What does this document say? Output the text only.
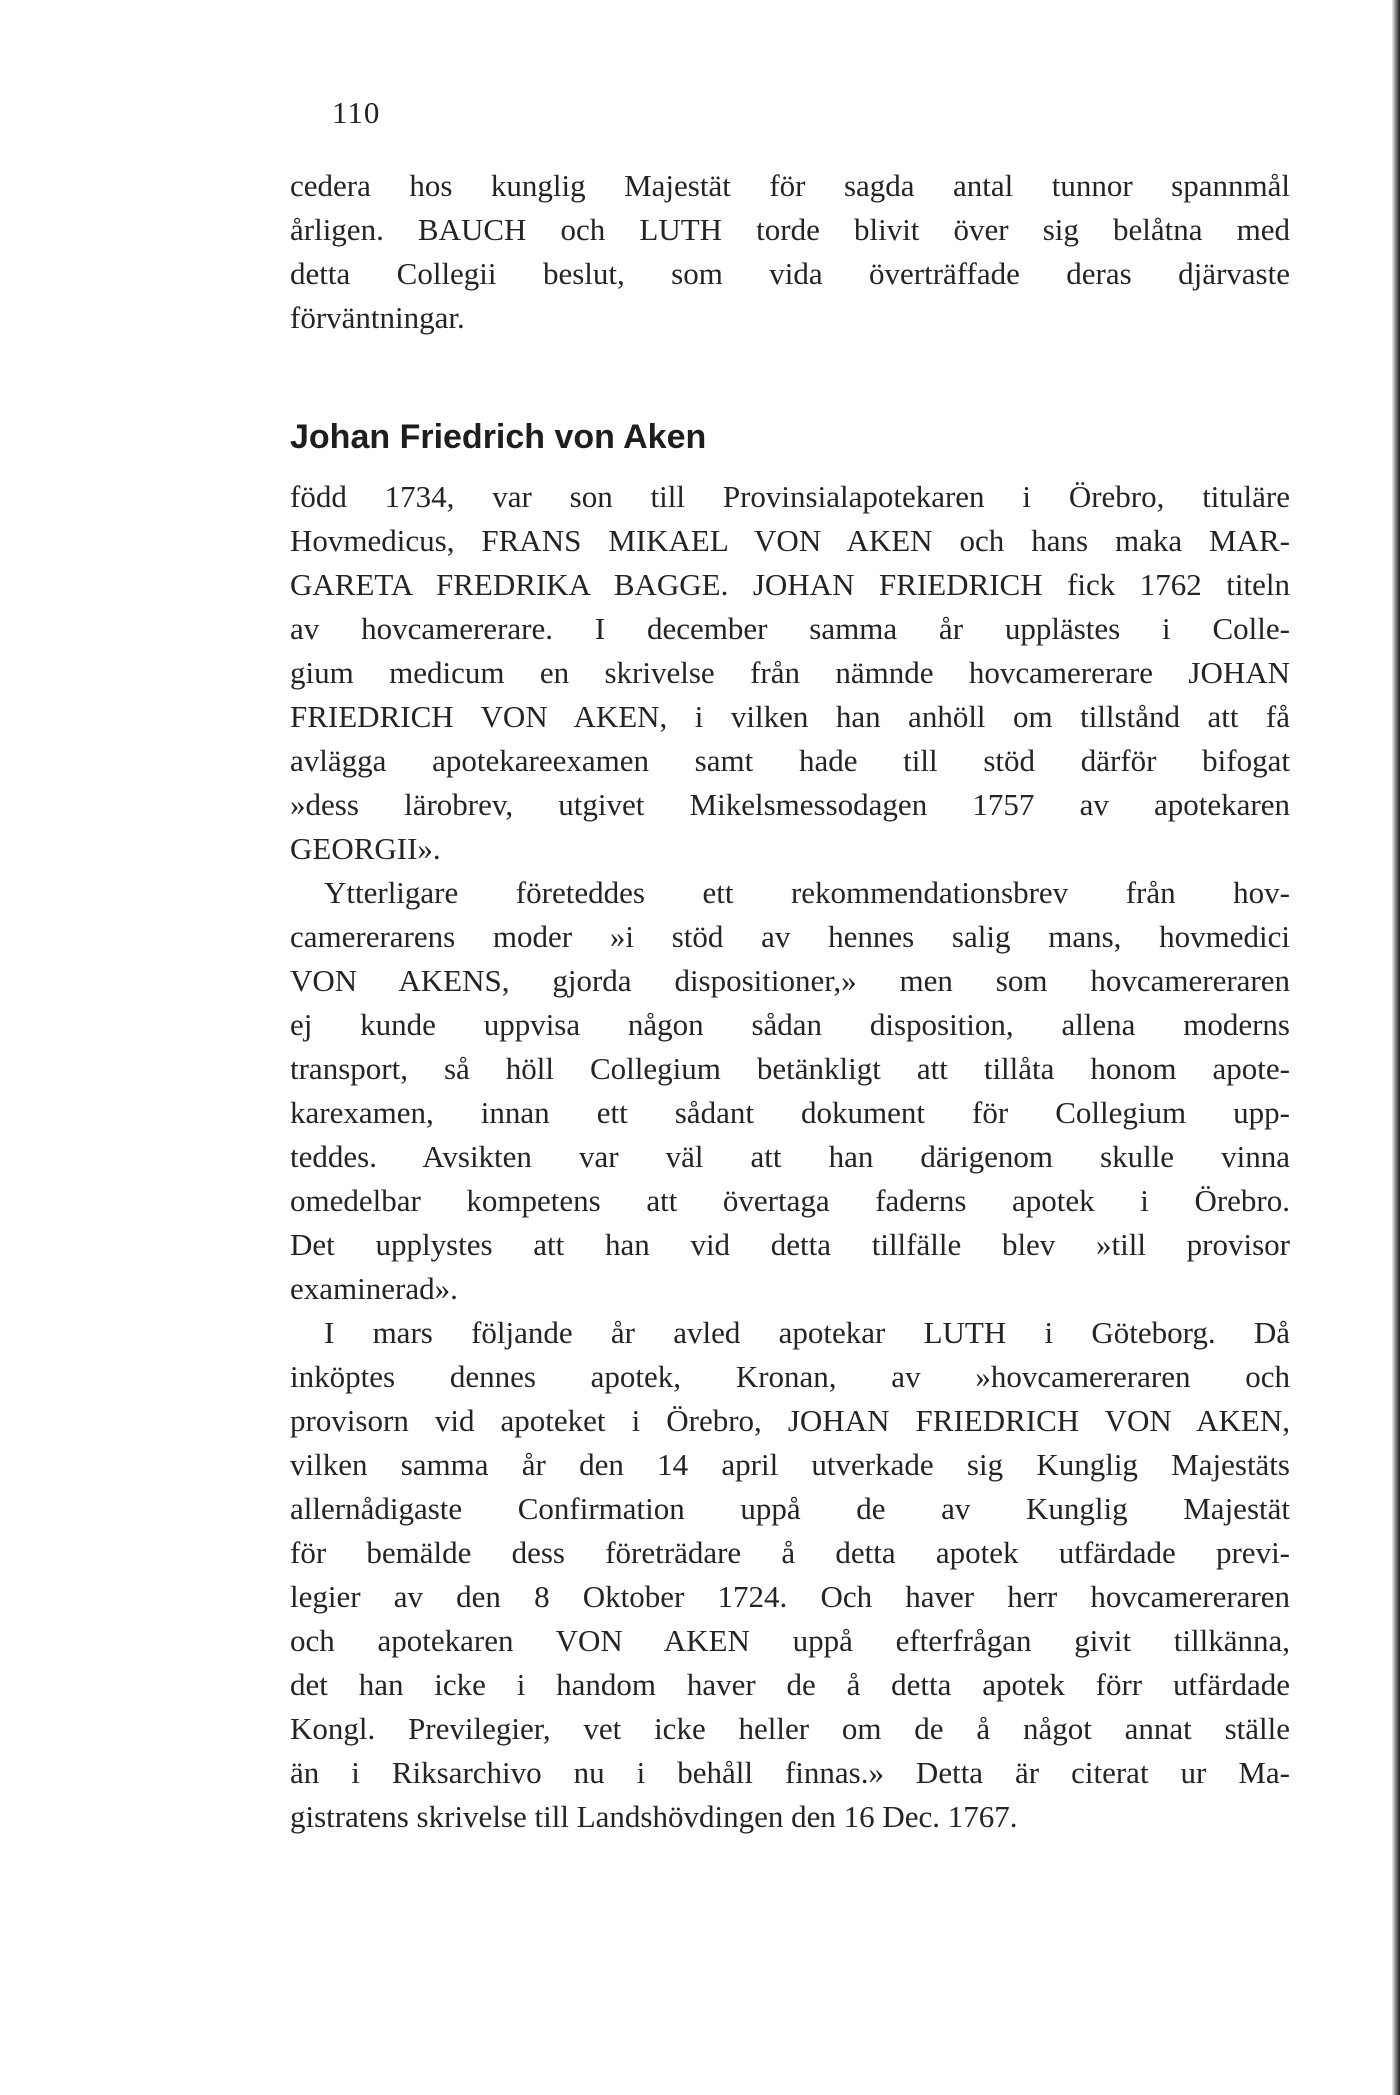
110
cedera hos kunglig Majestät för sagda antal tunnor spannmål
årligen. BAUCH och LUTH torde blivit över sig belåtna med
detta Collegii beslut, som vida överträffade deras djärvaste
förväntningar.
Johan Friedrich von Aken
född 1734, var son till Provinsialapotekaren i Örebro, tituläre
Hovmedicus, FRANS MIKAEL VON AKEN och hans maka MAR-
GARETA FREDRIKA BAGGE. JOHAN FRIEDRICH fick 1762 titeln
av hovcamererare. I december samma år upplästes i Colle-
gium medicum en skrivelse från nämnde hovcamererare JOHAN
FRIEDRICH VON AKEN, i vilken han anhöll om tillstånd att få
avlägga apotekareexamen samt hade till stöd därför bifogat
»dess lärobrev, utgivet Mikelsmessodagen 1757 av apotekaren
GEORGII».
Ytterligare företeddes ett rekommendationsbrev från hov-
camererarens moder »i stöd av hennes salig mans, hovmedici
VON AKENS, gjorda dispositioner,» men som hovcamereraren
ej kunde uppvisa någon sådan disposition, allena moderns
transport, så höll Collegium betänkligt att tillåta honom apote-
karexamen, innan ett sådant dokument för Collegium upp-
teddes. Avsikten var väl att han därigenom skulle vinna
omedelbar kompetens att övertaga faderns apotek i Örebro.
Det upplystes att han vid detta tillfälle blev »till provisor
examinerad».
I mars följande år avled apotekar LUTH i Göteborg. Då
inköptes dennes apotek, Kronan, av »hovcamereraren och
provisorn vid apoteket i Örebro, JOHAN FRIEDRICH VON AKEN,
vilken samma år den 14 april utverkade sig Kunglig Majestäts
allernådigaste Confirmation uppå de av Kunglig Majestät
för bemälde dess företrädare å detta apotek utfärdade previ-
legier av den 8 Oktober 1724. Och haver herr hovcamereraren
och apotekaren VON AKEN uppå efterfrågan givit tillkänna,
det han icke i handom haver de å detta apotek förr utfärdade
Kongl. Previlegier, vet icke heller om de å något annat ställe
än i Riksarchivo nu i behåll finnas.» Detta är citerat ur Ma-
gistratens skrivelse till Landshövdingen den 16 Dec. 1767.
